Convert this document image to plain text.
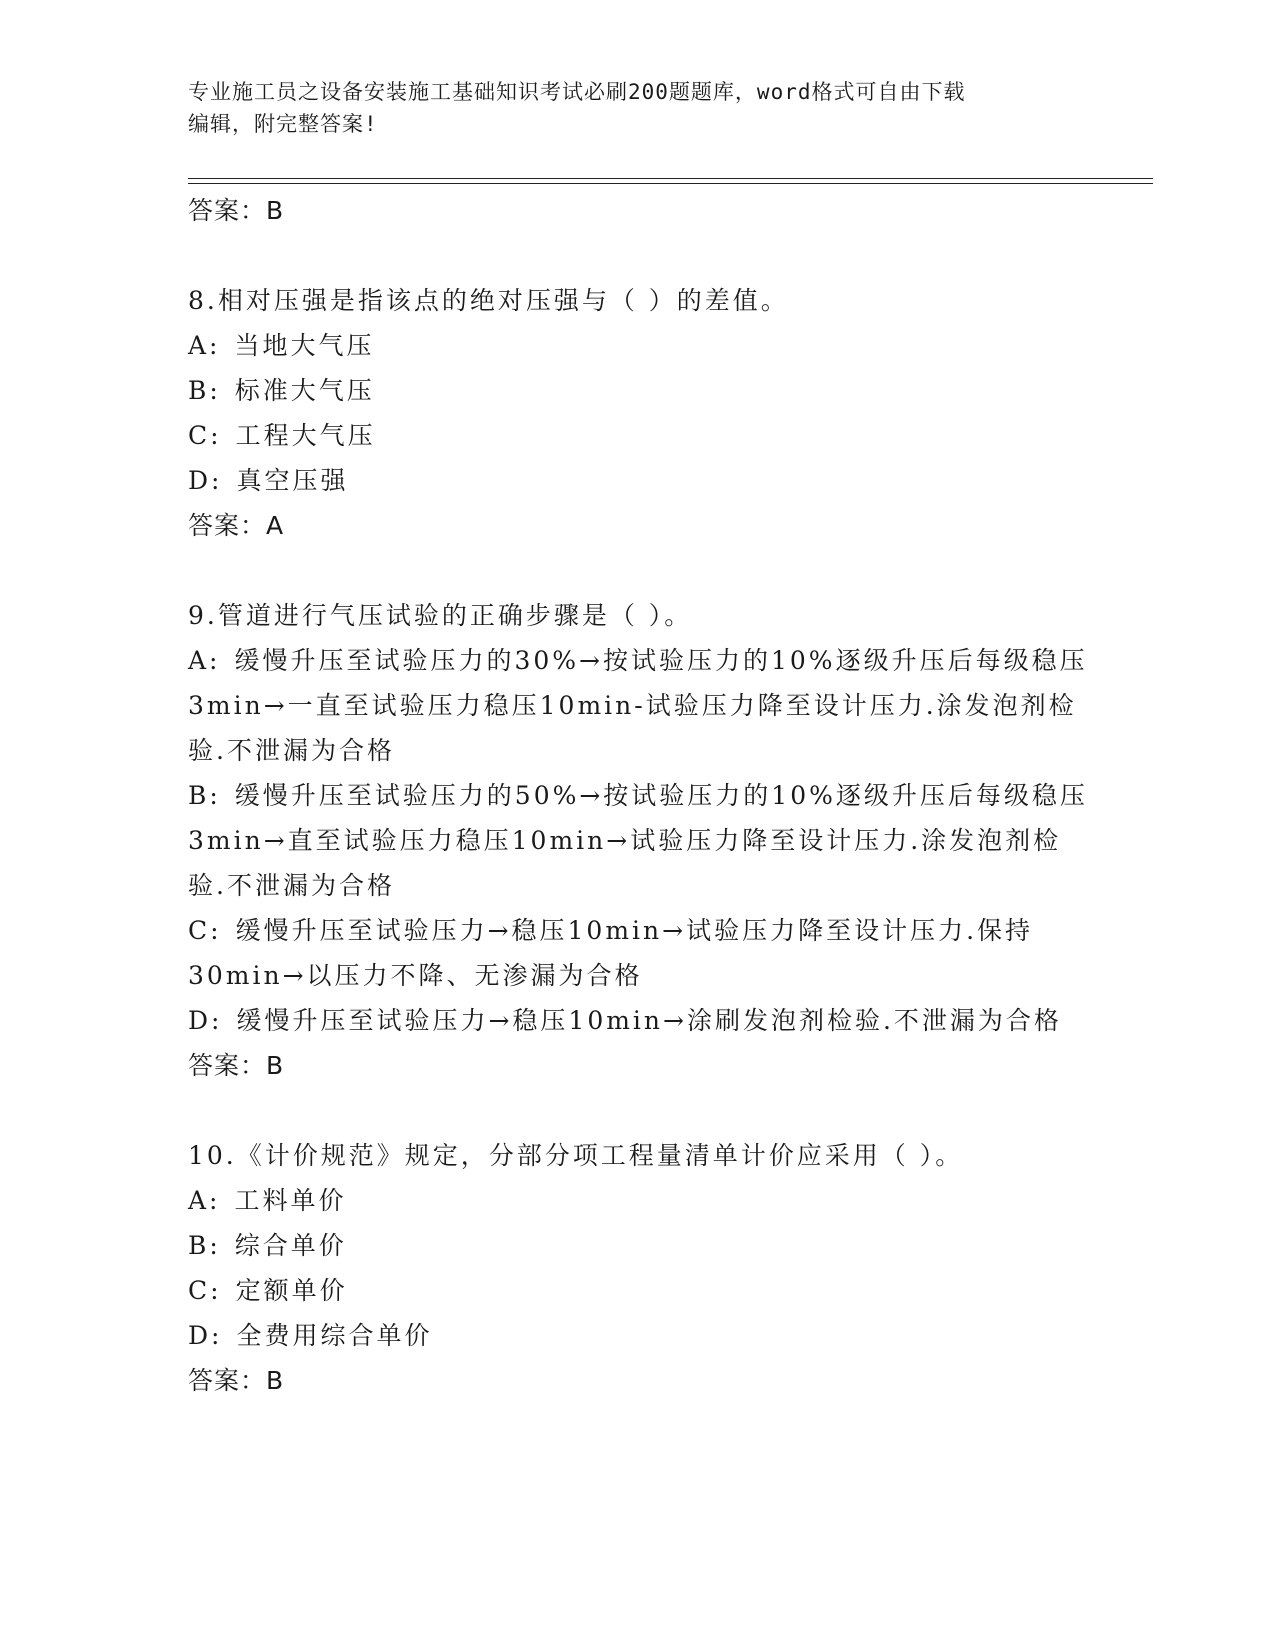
专业施工员之设备安装施工基础知识考试必刷200题题库，word格式可自由下载
编辑，附完整答案!
答案：B
8.相对压强是指该点的绝对压强与（ ）的差值。
A: 当地大气压
B: 标准大气压
C: 工程大气压
D: 真空压强
答案：A
9.管道进行气压试验的正确步骤是（ ）。
A: 缓慢升压至试验压力的30%→按试验压力的10%逐级升压后每级稳压3min→一直至试验压力稳压10min-试验压力降至设计压力.涂发泡剂检验.不泄漏为合格
B: 缓慢升压至试验压力的50%→按试验压力的10%逐级升压后每级稳压3min→直至试验压力稳压10min→试验压力降至设计压力.涂发泡剂检验.不泄漏为合格
C: 缓慢升压至试验压力→稳压10min→试验压力降至设计压力.保持30min→以压力不降、无渗漏为合格
D: 缓慢升压至试验压力→稳压10min→涂刷发泡剂检验.不泄漏为合格
答案：B
10.《计价规范》规定，分部分项工程量清单计价应采用（ ）。
A: 工料单价
B: 综合单价
C: 定额单价
D: 全费用综合单价
答案：B
